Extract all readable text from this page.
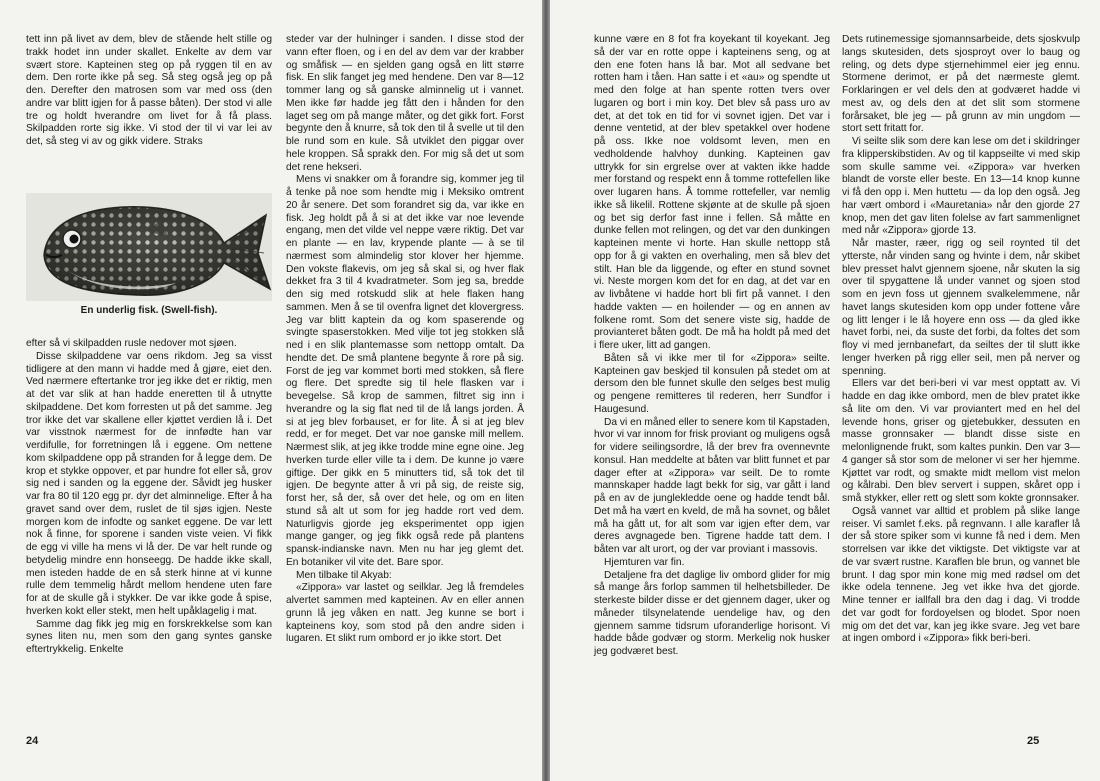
tett inn på livet av dem, blev de stående helt stille og trakk hodet inn under skallet. Enkelte av dem var svært store. Kapteinen steg op på ryggen til en av dem. Den rorte ikke på seg. Så steg også jeg op på den. Derefter den matrosen som var med oss (den andre var blitt igjen for å passe båten). Der stod vi alle tre og holdt hverandre om livet for å få plass. Skilpadden rorte sig ikke. Vi stod der til vi var lei av det, så steg vi av og gikk videre. Straks

efter så vi skilpadden rusle nedover mot sjøen.

Disse skilpaddene var oens rikdom. Jeg sa visst tidligere at den mann vi hadde med å gjøre, eiet den. Ved nærmere eftertanke tror jeg ikke det er riktig, men at det var slik at han hadde eneretten til å utnytte skilpaddene. Det kom forresten ut på det samme. Jeg tror ikke det var skallene eller kjøttet verdien lå i. Det var visstnok nærmest for de innfødte han var verdifulle, for forretningen lå i eggene. Om nettene kom skilpaddene opp på stranden for å legge dem. De krop et stykke oppover, et par hundre fot eller så, grov sig ned i sanden og la eggene der. Såvidt jeg husker var fra 80 til 120 egg pr. dyr det alminnelige. Efter å ha gravet sand over dem, ruslet de til sjøs igjen. Neste morgen kom de infodte og sanket eggene. De var lett nok å finne, for sporene i sanden viste veien. Vi fikk de egg vi ville ha mens vi lå der. De var helt runde og betydelig mindre enn honseegg. De hadde ikke skall, men isteden hadde de en så sterk hinne at vi kunne rulle dem temmelig hårdt mellom hendene uten fare for at de skulle gå i stykker. De var ikke gode å spise, hverken kokt eller stekt, men helt upåklagelig i mat.

Samme dag fikk jeg mig en forskrekkelse som kan synes liten nu, men som den gang syntes ganske eftertrykkelig. Enkelte

En underlig fisk. (Swell-fish).

steder var der hulninger i sanden. I disse stod der vann efter floen, og i en del av dem var der krabber og småfisk — en sjelden gang også en litt større fisk. En slik fanget jeg med hendene. Den var 8—12 tommer lang og så ganske alminnelig ut i vannet. Men ikke før hadde jeg fått den i hånden for den laget seg om på mange måter, og det gikk fort. Forst begynte den å knurre, så tok den til å svelle ut til den ble rund som en kule. Så utviklet den piggar over hele kroppen. Så sprakk den. For mig så det ut som det rene hekseri.

Mens vi snakker om å forandre sig, kommer jeg til å tenke på noe som hendte mig i Meksiko omtrent 20 år senere. Det som forandret sig da, var ikke en fisk. Jeg holdt på å si at det ikke var noe levende engang, men det vilde vel neppe være riktig. Det var en plante — en lav, krypende plante — à se til nærmest som almindelig stor klover her hjemme. Den vokste flakevis, om jeg så skal si, og hver flak dekket fra 3 til 4 kvadratmeter. Som jeg sa, bredde den sig med rotskudd slik at hele flaken hang sammen. Men å se til ovenfra lignet det klovergress. Jeg var blitt kaptein da og kom spaserende og svingte spaserstokken. Med vilje tot jeg stokken slå ned i en slik plantemasse som nettopp omtalt. Da hendte det. De små plantene begynte å rore på sig. Forst de jeg var kommet borti med stokken, så flere og flere. Det spredte sig til hele flasken var i bevegelse. Så krop de sammen, filtret sig inn i hverandre og la sig flat ned til de lå langs jorden. Å si at jeg blev forbauset, er for lite. Å si at jeg blev redd, er for meget. Det var noe ganske mill mellem. Nærmest slik, at jeg ikke trodde mine egne oine. Jeg hverken turde eller ville ta i dem. De kunne jo være giftige. Der gikk en 5 minutters tid, så tok det til igjen. De begynte atter å vri på sig, de reiste sig, forst her, så der, så over det hele, og om en liten stund så alt ut som for jeg hadde rort ved dem. Naturligvis gjorde jeg eksperimentet opp igjen mange ganger, og jeg fikk også rede på plantens spansk-indianske navn. Men nu har jeg glemt det. En botaniker vil vite det. Bare spor.

Men tilbake til Akyab:

«Zippora» var lastet og seilklar. Jeg lå fremdeles alvertet sammen med kapteinen. Av en eller annen grunn lå jeg våken en natt. Jeg kunne se bort i kapteinens koy, som stod på den andre siden i lugaren. Et slikt rum ombord er jo ikke stort. Det

24

kunne være en 8 fot fra koyekant til koyekant. Jeg så der var en rotte oppe i kapteinens seng, og at den ene foten hans lå bar. Mot all sedvane bet rotten ham i tåen. Han satte i et «au» og spendte ut med den folge at han spente rotten tvers over lugaren og bort i min koy. Det blev så pass uro av det, at det tok en tid for vi sovnet igjen. Det var i denne ventetid, at der blev spetakkel over hodene på oss. Ikke noe voldsomt leven, men en vedholdende halvhoy dunking. Kapteinen gav uttrykk for sin ergrelse over at vakten ikke hadde mer forstand og respekt enn å tomme rottefellen like over lugaren hans. Å tomme rottefeller, var nemlig ikke så likelil. Rottene skjønte at de skulle på sjoen og bet sig derfor fast inne i fellen. Så måtte en dunke fellen mot relingen, og det var den dunkingen kapteinen mente vi horte. Han skulle nettopp stå opp for å gi vakten en overhaling, men så blev det stilt. Han ble da liggende, og efter en stund sovnet vi. Neste morgen kom det for en dag, at det var en av livbåtene vi hadde hort bli firt på vannet. I den hadde vakten — en hoilender — og en annen av folkene romt. Som det senere viste sig, hadde de provianteret båten godt. De må ha holdt på med det i flere uker, litt ad gangen.

Båten så vi ikke mer til for «Zippora» seilte. Kapteinen gav beskjed til konsulen på stedet om at dersom den ble funnet skulle den selges best mulig og pengene remitteres til rederen, herr Sundfor i Haugesund.

Da vi en måned eller to senere kom til Kapstaden, hvor vi var innom for frisk proviant og muligens også for videre seilingsordre, lå der brev fra ovennevnte konsul. Han meddelte at båten var blitt funnet et par dager efter at «Zippora» var seilt. De to romte mannskaper hadde lagt bekk for sig, var gått i land på en av de junglekledde oene og hadde tendt bål. Det må ha vært en kveld, de må ha sovnet, og bålet må ha gått ut, for alt som var igjen efter dem, var deres avgnagede ben. Tigrene hadde tatt dem. I båten var alt urort, og der var proviant i massovis.

Hjemturen var fin.

Detaljene fra det daglige liv ombord glider for mig så mange års forlop sammen til helhetsbilleder. De sterkeste bilder disse er det gjennem dager, uker og måneder tilsynelatende uendelige hav, og den gjennem samme tidsrum uforanderlige horisont. Vi hadde både godvær og storm. Merkelig nok husker jeg godværet best.

Dets rutinemessige sjomannsarbeide, dets sjoskvulp langs skutesiden, dets sjosproyt over lo baug og reling, og dets dype stjernehimmel eier jeg ennu. Stormene derimot, er på det nærmeste glemt. Forklaringen er vel dels den at godværet hadde vi mest av, og dels den at det slit som stormene forårsaket, ble jeg — på grunn av min ungdom — stort sett fritatt for.

Vi seilte slik som dere kan lese om det i skildringer fra klipperskibstiden. Av og til kappseilte vi med skip som skulle samme vei. «Zippora» var hverken blandt de vorste eller beste. En 13—14 knop kunne vi få den opp i. Men huttetu — da lop den også. Jeg har vært ombord i «Mauretania» når den gjorde 27 knop, men det gav liten folelse av fart sammenlignet med når «Zippora» gjorde 13.

Når master, ræer, rigg og seil roynted til det ytterste, når vinden sang og hvinte i dem, når skibet blev presset halvt gjennem sjoene, når skuten la sig over til spygattene lå under vannet og sjoen stod som en jevn foss ut gjennem svalkelemmene, når havet langs skutesiden kom opp under fottene våre og litt lenger i le lå hoyere enn oss — da gled ikke havet forbi, nei, da suste det forbi, da foltes det som floy vi med jernbanefart, da seiltes der til slutt ikke lenger hverken på rigg eller seil, men på nerver og spenning.

Ellers var det beri-beri vi var mest opptatt av. Vi hadde en dag ikke ombord, men de blev pratet ikke så lite om den. Vi var proviantert med en hel del levende hons, griser og gjetebukker, dessuten en masse gronnsaker — blandt disse siste en melonlignende frukt, som kaltes punkin. Den var 3—4 ganger så stor som de meloner vi ser her hjemme. Kjøttet var rodt, og smakte midt mellom vist melon og kålrabi. Den blev servert i suppen, skåret opp i små stykker, eller rett og slett som kokte gronnsaker.

Også vannet var alltid et problem på slike lange reiser. Vi samlet f.eks. på regnvann. I alle karafler lå der så store spiker som vi kunne få ned i dem. Men storrelsen var ikke det viktigste. Det viktigste var at de var svært rustne. Karaflen ble brun, og vannet ble brunt. I dag spor min kone mig med rødsel om det ikke odela tennene. Jeg vet ikke hva det gjorde. Mine tenner er iallfall bra den dag i dag. Vi trodde det var godt for fordoyelsen og blodet. Spor noen mig om det det var, kan jeg ikke svare. Jeg vet bare at ingen ombord i «Zippora» fikk beri-beri.

25
